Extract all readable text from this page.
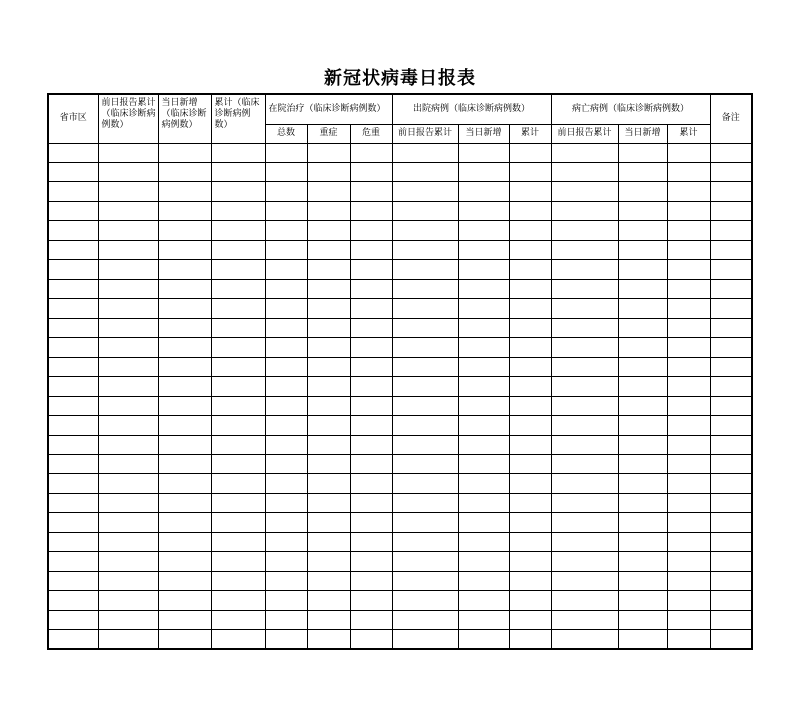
新冠状病毒日报表
省市区	前日报告累计（临床诊断病例数）	当日新增（临床诊断病例数）	累计（临床诊断病例数）	在院治疗（临床诊断病例数）			出院病例（临床诊断病例数）			病亡病例（临床诊断病例数）			备注
				总数	重症	危重	前日报告累计	当日新增	累计	前日报告累计	当日新增	累计	
